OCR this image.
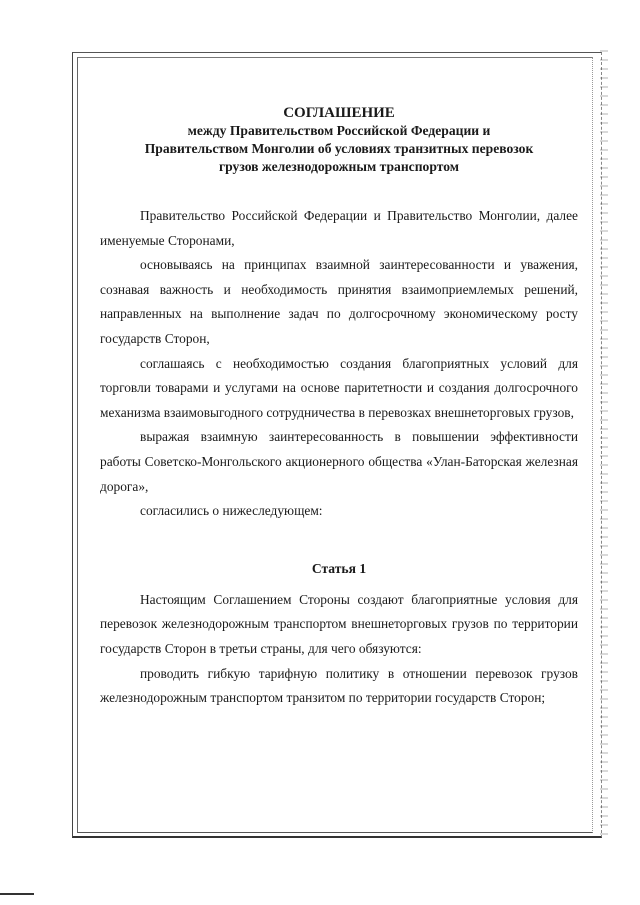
СОГЛАШЕНИЕ
между Правительством Российской Федерации и
Правительством Монголии об условиях транзитных перевозок
грузов железнодорожным транспортом

Правительство Российской Федерации и Правительство Монголии, далее именуемые Сторонами,

основываясь на принципах взаимной заинтересованности и уважения, сознавая важность и необходимость принятия взаимоприемлемых решений, направленных на выполнение задач по долгосрочному экономическому росту государств Сторон,

соглашаясь с необходимостью создания благоприятных условий для торговли товарами и услугами на основе паритетности и создания долгосрочного механизма взаимовыгодного сотрудничества в перевозках внешнеторговых грузов,

выражая взаимную заинтересованность в повышении эффективности работы Советско-Монгольского акционерного общества «Улан-Баторская железная дорога»,

согласились о нижеследующем:

Статья 1

Настоящим Соглашением Стороны создают благоприятные условия для перевозок железнодорожным транспортом внешнеторговых грузов по территории государств Сторон в третьи страны, для чего обязуются:

проводить гибкую тарифную политику в отношении перевозок грузов железнодорожным транспортом транзитом по территории государств Сторон;
